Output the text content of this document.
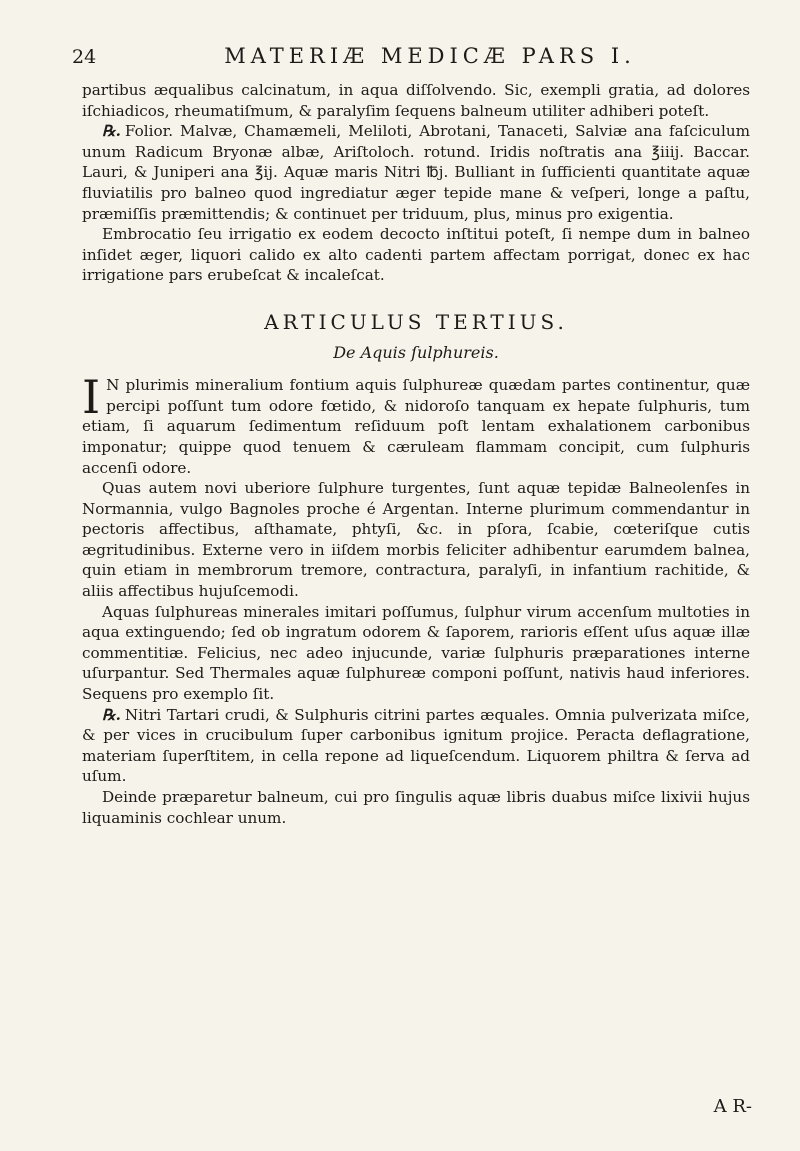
24	MATERIÆ MEDICÆ PARS I.

partibus æqualibus calcinatum, in aqua diſſolvendo. Sic, exempli gratia, ad dolores iſchiadicos, rheumatiſmum, & paralyſim ſequens balneum utiliter adhiberi poteſt.

℞. Folior. Malvæ, Chamæmeli, Meliloti, Abrotani, Tanaceti, Salviæ ana faſciculum unum Radicum Bryonæ albæ, Ariſtoloch. rotund. Iridis noſtratis ana ℥iiij. Baccar. Lauri, & Juniperi ana ℥ij. Aquæ maris Nitri ℔j. Bulliant in ſufficienti quantitate aquæ fluviatilis pro balneo quod ingrediatur æger tepide mane & veſperi, longe a paſtu, præmiſſis præmittendis; & continuet per triduum, plus, minus pro exigentia.

Embrocatio ſeu irrigatio ex eodem decocto inſtitui poteſt, ſi nempe dum in balneo inſidet æger, liquori calido ex alto cadenti partem affectam porrigat, donec ex hac irrigatione pars erubeſcat & incaleſcat.

ARTICULUS TERTIUS.
De Aquis ſulphureis.

I N plurimis mineralium fontium aquis ſulphureæ quædam partes continentur, quæ percipi poſſunt tum odore fœtido, & nidoroſo tanquam ex hepate ſulphuris, tum etiam, ſi aquarum ſedimentum reſiduum poſt lentam exhalationem carbonibus imponatur; quippe quod tenuem & cæruleam flammam concipit, cum ſulphuris accenſi odore.

Quas autem novi uberiore ſulphure turgentes, ſunt aquæ tepidæ Balneolenſes in Normannia, vulgo Bagnoles proche é Argentan. Interne plurimum commendantur in pectoris affectibus, aſthamate, phtyſi, &c. in pſora, ſcabie, cœteriſque cutis ægritudinibus. Externe vero in iiſdem morbis feliciter adhibentur earumdem balnea, quin etiam in membrorum tremore, contractura, paralyſi, in infantium rachitide, & aliis affectibus hujuſcemodi.

Aquas ſulphureas minerales imitari poſſumus, ſulphur virum accenſum multoties in aqua extinguendo; ſed ob ingratum odorem & ſaporem, rarioris eſſent uſus aquæ illæ commentitiæ. Felicius, nec adeo injucunde, variæ ſulphuris præparationes interne uſurpantur. Sed Thermales aquæ ſulphureæ componi poſſunt, nativis haud inferiores. Sequens pro exemplo ſit.

℞. Nitri Tartari crudi, & Sulphuris citrini partes æquales. Omnia pulverizata miſce, & per vices in crucibulum ſuper carbonibus ignitum projice. Peracta deflagratione, materiam ſuperſtitem, in cella repone ad liqueſcendum. Liquorem philtra & ſerva ad uſum.

Deinde præparetur balneum, cui pro ſingulis aquæ libris duabus miſce lixivii hujus liquaminis cochlear unum.

A R-
